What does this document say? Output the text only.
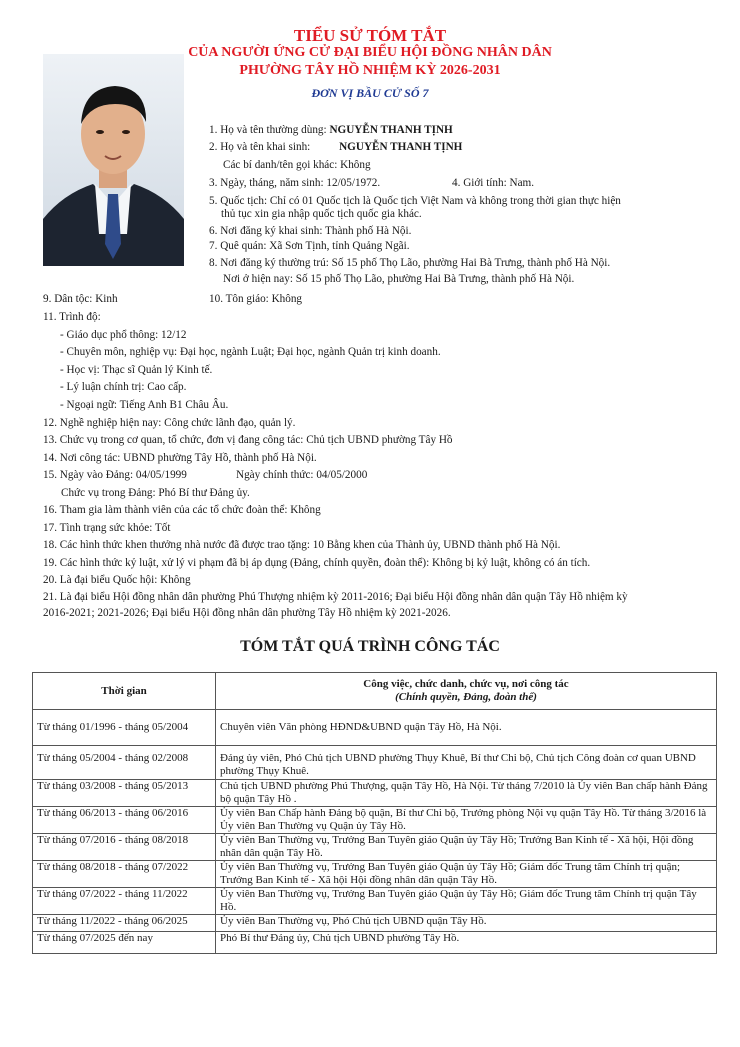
TIỂU SỬ TÓM TẮT
CỦA NGƯỜI ỨNG CỬ ĐẠI BIỂU HỘI ĐỒNG NHÂN DÂN
PHƯỜNG TÂY HỒ NHIỆM KỲ 2026-2031
ĐƠN VỊ BẦU CỬ SỐ 7
1. Họ và tên thường dùng: NGUYỄN THANH TỊNH
2. Họ và tên khai sinh: NGUYỄN THANH TỊNH
Các bí danh/tên gọi khác: Không
3. Ngày, tháng, năm sinh: 12/05/1972.	4. Giới tính: Nam.
5. Quốc tịch: Chỉ có 01 Quốc tịch là Quốc tịch Việt Nam và không trong thời gian thực hiện
thủ tục xin gia nhập quốc tịch quốc gia khác.
6. Nơi đăng ký khai sinh: Thành phố Hà Nội.
7. Quê quán: Xã Sơn Tịnh, tỉnh Quảng Ngãi.
8. Nơi đăng ký thường trú: Số 15 phố Thọ Lão, phường Hai Bà Trưng, thành phố Hà Nội.
Nơi ở hiện nay: Số 15 phố Thọ Lão, phường Hai Bà Trưng, thành phố Hà Nội.
9. Dân tộc: Kinh	10. Tôn giáo: Không
11. Trình độ:
- Giáo dục phổ thông: 12/12
- Chuyên môn, nghiệp vụ: Đại học, ngành Luật; Đại học, ngành Quản trị kinh doanh.
- Học vị: Thạc sĩ Quản lý Kinh tế.
- Lý luận chính trị: Cao cấp.
- Ngoại ngữ: Tiếng Anh B1 Châu Âu.
12. Nghề nghiệp hiện nay: Công chức lãnh đạo, quản lý.
13. Chức vụ trong cơ quan, tổ chức, đơn vị đang công tác: Chủ tịch UBND phường Tây Hồ
14. Nơi công tác: UBND phường Tây Hồ, thành phố Hà Nội.
15. Ngày vào Đảng: 04/05/1999	Ngày chính thức: 04/05/2000
Chức vụ trong Đảng: Phó Bí thư Đảng ủy.
16. Tham gia làm thành viên của các tổ chức đoàn thể: Không
17. Tình trạng sức khỏe: Tốt
18. Các hình thức khen thưởng nhà nước đã được trao tặng: 10 Bằng khen của Thành ủy, UBND thành phố Hà Nội.
19. Các hình thức kỷ luật, xử lý vi phạm đã bị áp dụng (Đảng, chính quyền, đoàn thể): Không bị kỷ luật, không có án tích.
20. Là đại biểu Quốc hội: Không
21. Là đại biểu Hội đồng nhân dân phường Phú Thượng nhiệm kỳ 2011-2016; Đại biểu Hội đồng nhân dân quận Tây Hồ nhiệm kỳ
2016-2021; 2021-2026; Đại biểu Hội đồng nhân dân phường Tây Hồ nhiệm kỳ 2021-2026.
TÓM TẮT QUÁ TRÌNH CÔNG TÁC
Thời gian	Công việc, chức danh, chức vụ, nơi công tác
(Chính quyền, Đảng, đoàn thể)

Từ tháng 01/1996 - tháng 05/2004	Chuyên viên Văn phòng HĐND&UBND quận Tây Hồ, Hà Nội.
Từ tháng 05/2004 - tháng 02/2008	Đảng ủy viên, Phó Chủ tịch UBND phường Thụy Khuê, Bí thư Chi bộ, Chủ tịch Công đoàn cơ quan UBND phường Thụy Khuê.
Từ tháng 03/2008 - tháng 05/2013	Chủ tịch UBND phường Phú Thượng, quận Tây Hồ, Hà Nội. Từ tháng 7/2010 là Ủy viên Ban chấp hành Đảng bộ quận Tây Hồ .
Từ tháng 06/2013 - tháng 06/2016	Ủy viên Ban Chấp hành Đảng bộ quận, Bí thư Chi bộ, Trưởng phòng Nội vụ quận Tây Hồ. Từ tháng 3/2016 là Ủy viên Ban Thường vụ Quận ủy Tây Hồ.
Từ tháng 07/2016 - tháng 08/2018	Ủy viên Ban Thường vụ, Trưởng Ban Tuyên giáo Quận ủy Tây Hồ; Trưởng Ban Kinh tế - Xã hội, Hội đồng nhân dân quận Tây Hồ.
Từ tháng 08/2018 - tháng 07/2022	Ủy viên Ban Thường vụ, Trưởng Ban Tuyên giáo Quận ủy Tây Hồ; Giám đốc Trung tâm Chính trị quận; Trưởng Ban Kinh tế - Xã hội Hội đồng nhân dân quận Tây Hồ.
Từ tháng 07/2022 - tháng 11/2022	Ủy viên Ban Thường vụ, Trưởng Ban Tuyên giáo Quận ủy Tây Hồ; Giám đốc Trung tâm Chính trị quận Tây Hồ.
Từ tháng 11/2022 - tháng 06/2025	Ủy viên Ban Thường vụ, Phó Chủ tịch UBND quận Tây Hồ.
Từ tháng 07/2025 đến nay	Phó Bí thư Đảng ủy, Chủ tịch UBND phường Tây Hồ.
